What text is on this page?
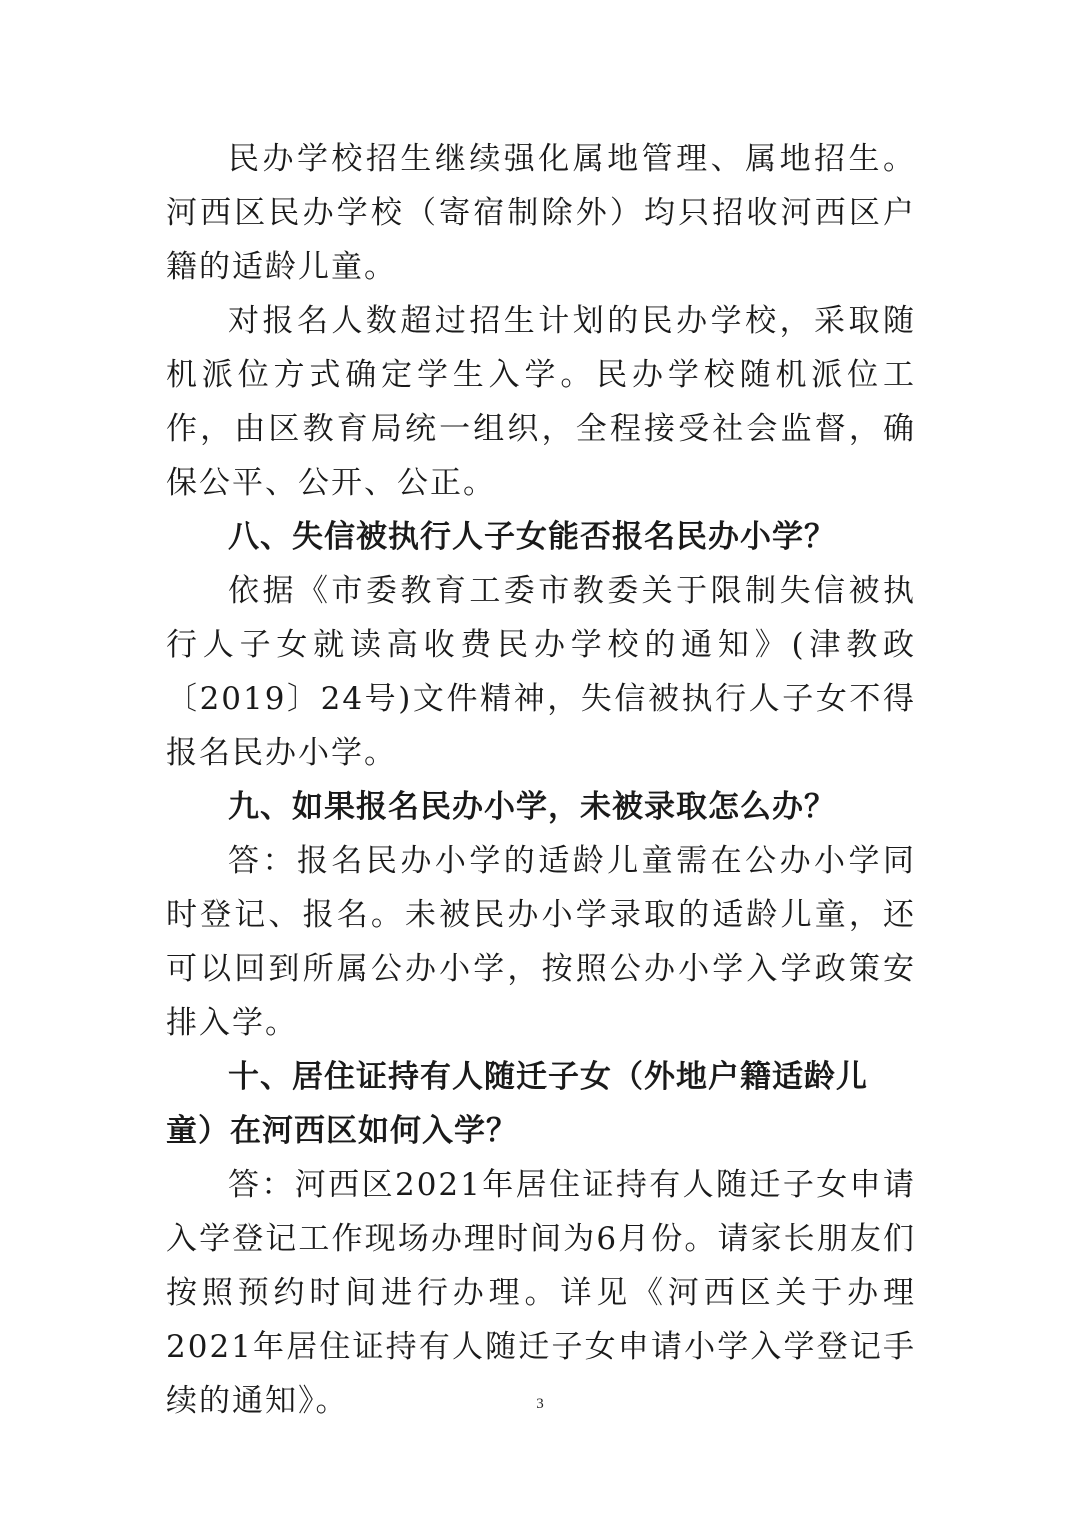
民办学校招生继续强化属地管理、属地招生。河西区民办学校（寄宿制除外）均只招收河西区户籍的适龄儿童。

对报名人数超过招生计划的民办学校，采取随机派位方式确定学生入学。民办学校随机派位工作，由区教育局统一组织，全程接受社会监督，确保公平、公开、公正。

八、失信被执行人子女能否报名民办小学？

依据《市委教育工委市教委关于限制失信被执行人子女就读高收费民办学校的通知》(津教政〔2019〕24号)文件精神，失信被执行人子女不得报名民办小学。

九、如果报名民办小学，未被录取怎么办？

答：报名民办小学的适龄儿童需在公办小学同时登记、报名。未被民办小学录取的适龄儿童，还可以回到所属公办小学，按照公办小学入学政策安排入学。

十、居住证持有人随迁子女（外地户籍适龄儿童）在河西区如何入学？

答：河西区2021年居住证持有人随迁子女申请入学登记工作现场办理时间为6月份。请家长朋友们按照预约时间进行办理。详见《河西区关于办理2021年居住证持有人随迁子女申请小学入学登记手续的通知》。	3
